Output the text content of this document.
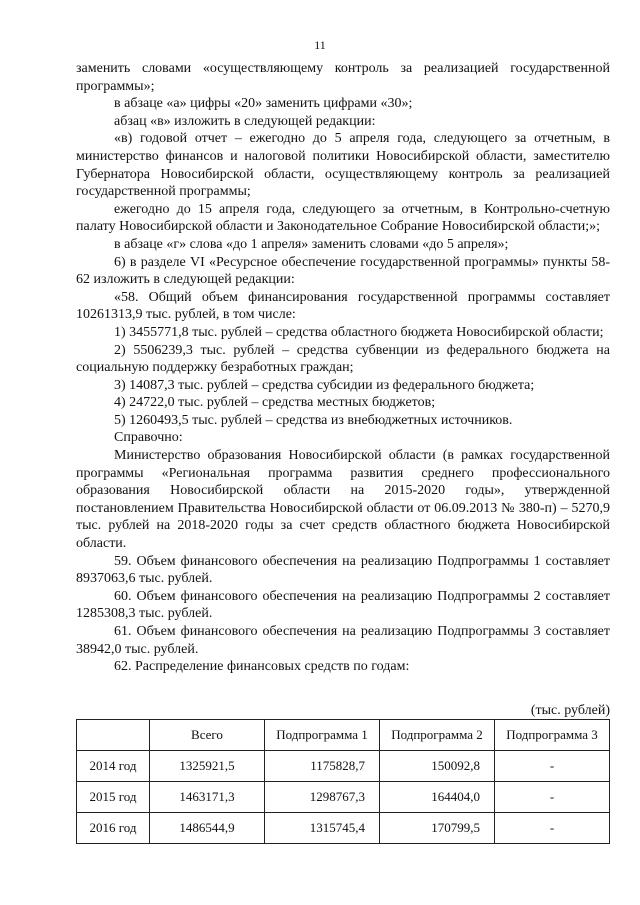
11

заменить словами «осуществляющему контроль за реализацией государственной программы»;

в абзаце «а» цифры «20» заменить цифрами «30»;

абзац «в» изложить в следующей редакции:

«в) годовой отчет – ежегодно до 5 апреля года, следующего за отчетным, в министерство финансов и налоговой политики Новосибирской области, заместителю Губернатора Новосибирской области, осуществляющему контроль за реализацией государственной программы;

ежегодно до 15 апреля года, следующего за отчетным, в Контрольно-счетную палату Новосибирской области и Законодательное Собрание Новосибирской области;»;

в абзаце «г» слова «до 1 апреля» заменить словами «до 5 апреля»;

6) в разделе VI «Ресурсное обеспечение государственной программы» пункты 58-62 изложить в следующей редакции:

«58. Общий объем финансирования государственной программы составляет 10261313,9 тыс. рублей, в том числе:

1) 3455771,8 тыс. рублей – средства областного бюджета Новосибирской области;

2) 5506239,3 тыс. рублей – средства субвенции из федерального бюджета на социальную поддержку безработных граждан;

3) 14087,3 тыс. рублей – средства субсидии из федерального бюджета;

4) 24722,0 тыс. рублей – средства местных бюджетов;

5) 1260493,5 тыс. рублей – средства из внебюджетных источников.

Справочно:

Министерство образования Новосибирской области (в рамках государственной программы «Региональная программа развития среднего профессионального образования Новосибирской области на 2015-2020 годы», утвержденной постановлением Правительства Новосибирской области от 06.09.2013 № 380-п) – 5270,9 тыс. рублей на 2018-2020 годы за счет средств областного бюджета Новосибирской области.

59. Объем финансового обеспечения на реализацию Подпрограммы 1 составляет 8937063,6 тыс. рублей.

60. Объем финансового обеспечения на реализацию Подпрограммы 2 составляет 1285308,3 тыс. рублей.

61. Объем финансового обеспечения на реализацию Подпрограммы 3 составляет 38942,0 тыс. рублей.

62. Распределение финансовых средств по годам:

(тыс. рублей)
	Всего	Подпрограмма 1	Подпрограмма 2	Подпрограмма 3
2014 год	1325921,5	1175828,7	150092,8	-
2015 год	1463171,3	1298767,3	164404,0	-
2016 год	1486544,9	1315745,4	170799,5	-
